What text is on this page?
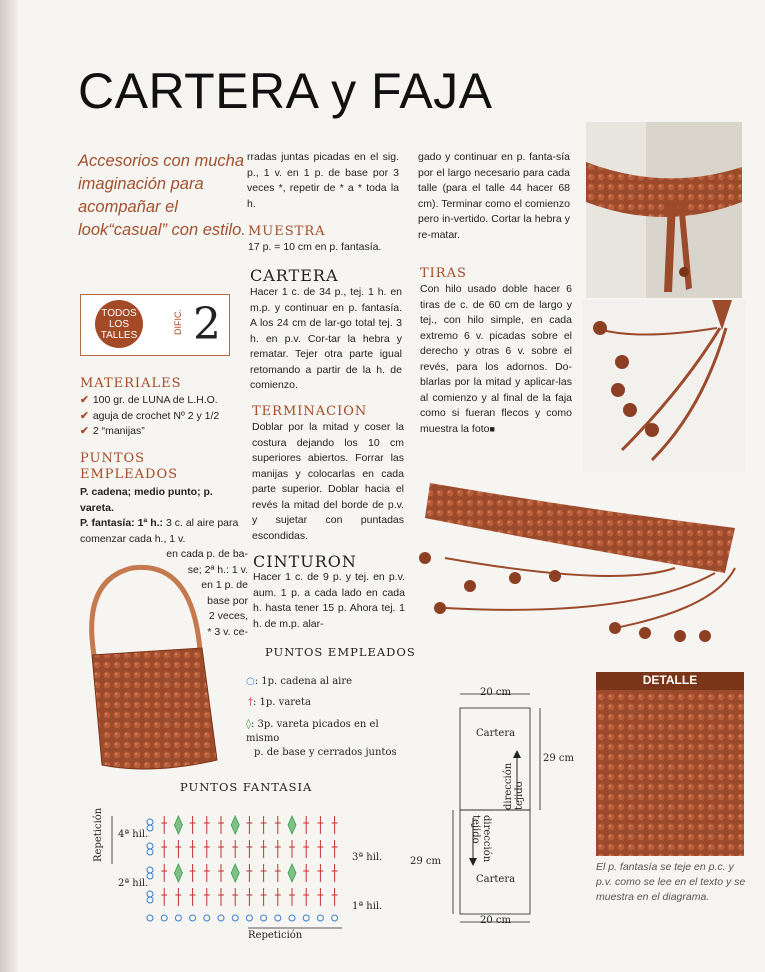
CARTERA y FAJA
Accesorios con mucha imaginación para acompañar el look“casual” con estilo.
TODOS LOS TALLES
DIFIC. 2
MATERIALES
✔ 100 gr. de LUNA de L.H.O.
✔ aguja de crochet Nº 2 y 1/2
✔ 2 “manijas”
PUNTOS EMPLEADOS
P. cadena; medio punto; p. vareta.
P. fantasía: 1ª h.: 3 c. al aire para comenzar cada h., 1 v.
en cada p. de ba-
se; 2ª h.: 1 v.
en 1 p. de
base por
2 veces,
* 3 v. ce-
rradas juntas picadas en el sig. p., 1 v. en 1 p. de base por 3 veces *, repetir de * a * toda la h.
MUESTRA
17 p. = 10 cm en p. fantasía.
CARTERA
Hacer 1 c. de 34 p., tej. 1 h. en m.p. y continuar en p. fantasía. A los 24 cm de lar-go total tej. 3 h. en p.v. Cor-tar la hebra y rematar. Tejer otra parte igual retomando a partir de la h. de comienzo.
TERMINACION
Doblar por la mitad y coser la costura dejando los 10 cm superiores abiertos. Forrar las manijas y colocarlas en cada parte superior. Doblar hacia el revés la mitad del borde de p.v. y sujetar con puntadas escondidas.
CINTURON
Hacer 1 c. de 9 p. y tej. en p.v. aum. 1 p. a cada lado en cada h. hasta tener 15 p. Ahora tej. 1 h. de m.p. alar-
gado y continuar en p. fanta-sía por el largo necesario para cada talle (para el talle 44 hacer 68 cm). Terminar como el comienzo pero in-vertido. Cortar la hebra y re-matar.
TIRAS
Con hilo usado doble hacer 6 tiras de c. de 60 cm de largo y tej., con hilo simple, en cada extremo 6 v. picadas sobre el derecho y otras 6 v. sobre el revés, para los adornos. Do-blarlas por la mitad y aplicar-las al comienzo y al final de la faja como si fueran flecos y como muestra la foto■
PUNTOS EMPLEADOS
○: 1p. cadena al aire
†: 1p. vareta
◊: 3p. vareta picados en el mismo
p. de base y cerrados juntos
PUNTOS FANTASIA
Repetición 4ª hil.
3ª hil.
2ª hil.
1ª hil.
Repetición
20 cm
Cartera
29 cm
dirección tejido
dirección tejido
29 cm
Cartera
20 cm
DETALLE
El p. fantasía se teje en p.c. y p.v. como se lee en el texto y se muestra en el diagrama.
